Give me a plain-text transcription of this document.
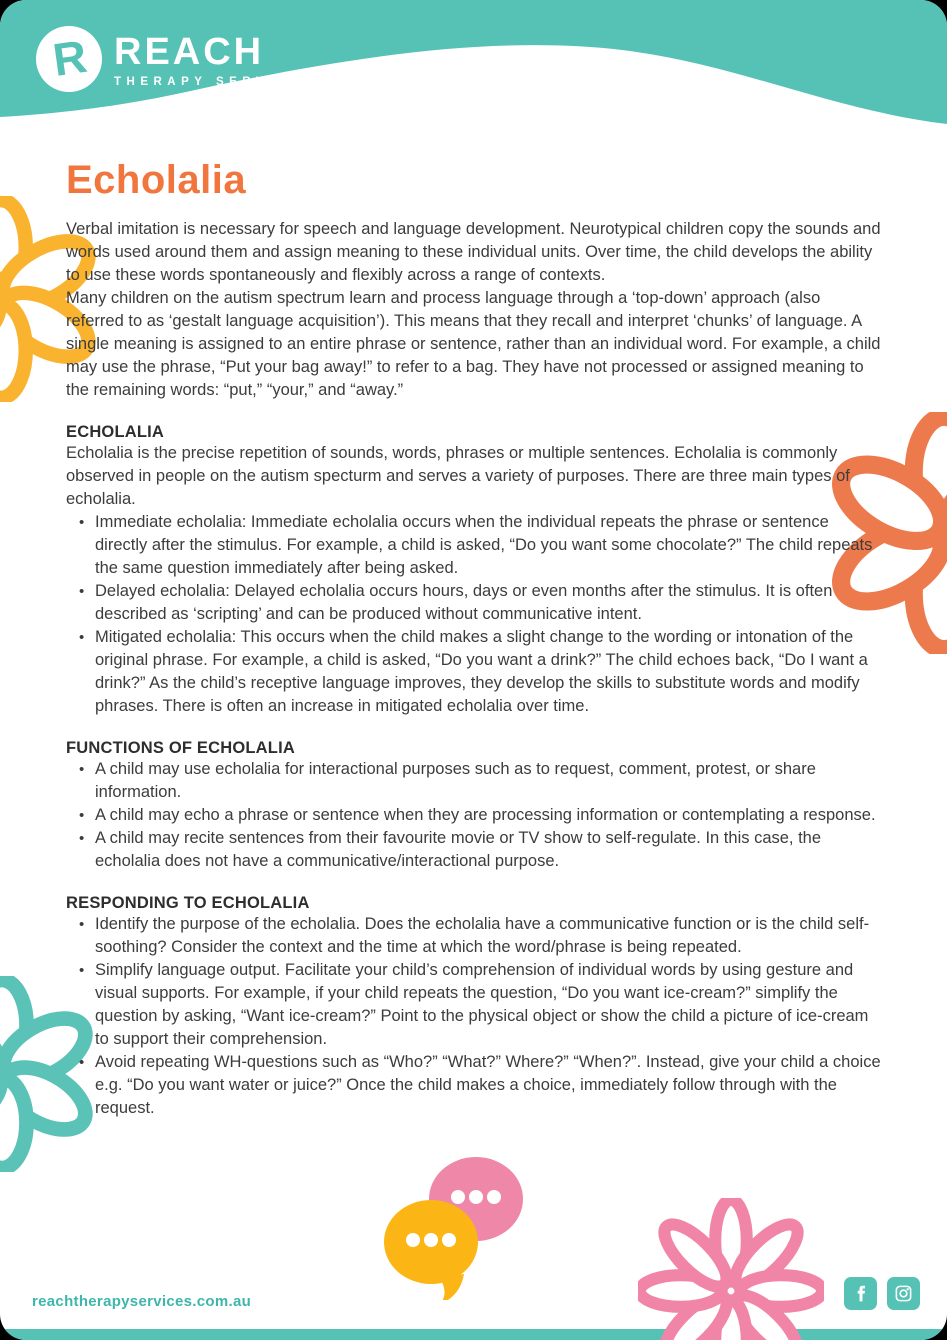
R REACH
THERAPY SERVICES
Echolalia

Verbal imitation is necessary for speech and language development. Neurotypical children copy the sounds and words used around them and assign meaning to these individual units. Over time, the child develops the ability to use these words spontaneously and flexibly across a range of contexts.

Many children on the autism spectrum learn and process language through a ‘top-down’ approach (also referred to as ‘gestalt language acquisition’). This means that they recall and interpret ‘chunks’ of language. A single meaning is assigned to an entire phrase or sentence, rather than an individual word. For example, a child may use the phrase, “Put your bag away!” to refer to a bag. They have not processed or assigned meaning to the remaining words: “put,” “your,” and “away.”

ECHOLALIA

Echolalia is the precise repetition of sounds, words, phrases or multiple sentences. Echolalia is commonly observed in people on the autism specturm and serves a variety of purposes. There are three main types of echolalia.

• Immediate echolalia: Immediate echolalia occurs when the individual repeats the phrase or sentence directly after the stimulus. For example, a child is asked, “Do you want some chocolate?” The child repeats the same question immediately after being asked.
• Delayed echolalia: Delayed echolalia occurs hours, days or even months after the stimulus. It is often described as ‘scripting’ and can be produced without communicative intent.
• Mitigated echolalia: This occurs when the child makes a slight change to the wording or intonation of the original phrase. For example, a child is asked, “Do you want a drink?” The child echoes back, “Do I want a drink?” As the child’s receptive language improves, they develop the skills to substitute words and modify phrases. There is often an increase in mitigated echolalia over time.
FUNCTIONS OF ECHOLALIA
• A child may use echolalia for interactional purposes such as to request, comment, protest, or share information.
• A child may echo a phrase or sentence when they are processing information or contemplating a response.
• A child may recite sentences from their favourite movie or TV show to self-regulate. In this case, the echolalia does not have a communicative/interactional purpose.
RESPONDING TO ECHOLALIA
• Identify the purpose of the echolalia. Does the echolalia have a communicative function or is the child self-soothing? Consider the context and the time at which the word/phrase is being repeated.
• Simplify language output. Facilitate your child’s comprehension of individual words by using gesture and visual supports. For example, if your child repeats the question, “Do you want ice-cream?” simplify the question by asking, “Want ice-cream?” Point to the physical object or show the child a picture of ice-cream to support their comprehension.
• Avoid repeating WH-questions such as “Who?” “What?” Where?” “When?”. Instead, give your child a choice e.g. “Do you want water or juice?” Once the child makes a choice, immediately follow through with the request.
reachtherapyservices.com.au
